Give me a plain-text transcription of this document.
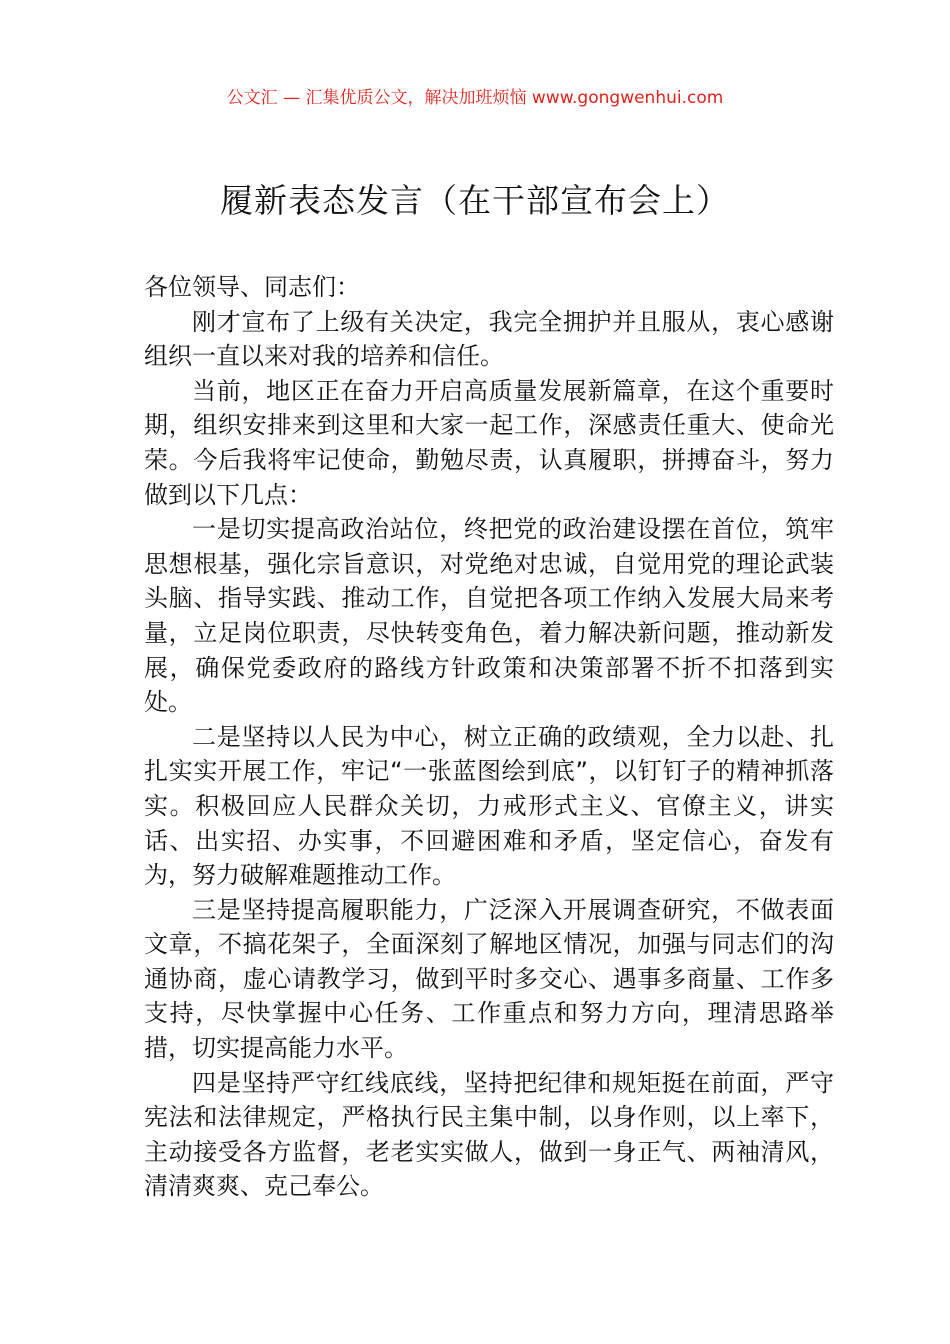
公文汇 — 汇集优质公文，解决加班烦恼 www.gongwenhui.com
履新表态发言（在干部宣布会上）

各位领导、同志们：

刚才宣布了上级有关决定，我完全拥护并且服从，衷心感谢组织一直以来对我的培养和信任。

当前，地区正在奋力开启高质量发展新篇章，在这个重要时期，组织安排来到这里和大家一起工作，深感责任重大、使命光荣。今后我将牢记使命，勤勉尽责，认真履职，拼搏奋斗，努力做到以下几点：

一是切实提高政治站位，终把党的政治建设摆在首位，筑牢思想根基，强化宗旨意识，对党绝对忠诚，自觉用党的理论武装头脑、指导实践、推动工作，自觉把各项工作纳入发展大局来考量，立足岗位职责，尽快转变角色，着力解决新问题，推动新发展，确保党委政府的路线方针政策和决策部署不折不扣落到实处。

二是坚持以人民为中心，树立正确的政绩观，全力以赴、扎扎实实开展工作，牢记“一张蓝图绘到底”，以钉钉子的精神抓落实。积极回应人民群众关切，力戒形式主义、官僚主义，讲实话、出实招、办实事，不回避困难和矛盾，坚定信心，奋发有为，努力破解难题推动工作。

三是坚持提高履职能力，广泛深入开展调查研究，不做表面文章，不搞花架子，全面深刻了解地区情况，加强与同志们的沟通协商，虚心请教学习，做到平时多交心、遇事多商量、工作多支持，尽快掌握中心任务、工作重点和努力方向，理清思路举措，切实提高能力水平。

四是坚持严守红线底线，坚持把纪律和规矩挺在前面，严守宪法和法律规定，严格执行民主集中制，以身作则，以上率下，主动接受各方监督，老老实实做人，做到一身正气、两袖清风，清清爽爽、克己奉公。
